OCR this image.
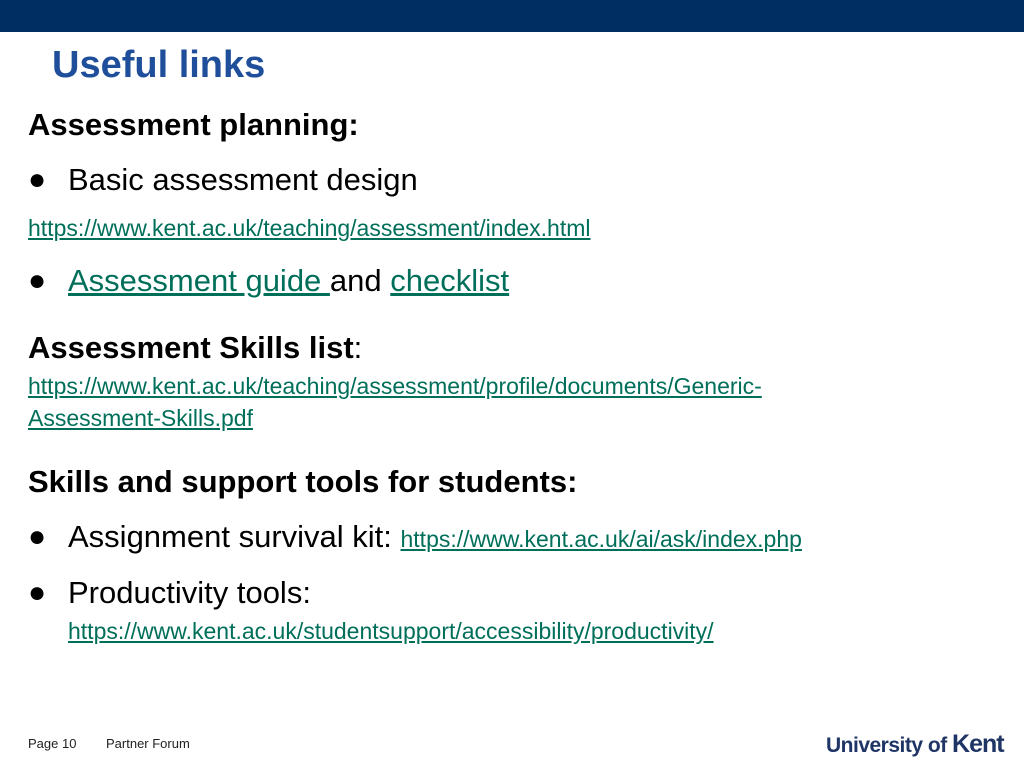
Useful links
Assessment planning:
● Basic assessment design
https://www.kent.ac.uk/teaching/assessment/index.html
● Assessment guide and checklist
Assessment Skills list:
https://www.kent.ac.uk/teaching/assessment/profile/documents/Generic-
Assessment-Skills.pdf
Skills and support tools for students:
● Assignment survival kit: https://www.kent.ac.uk/ai/ask/index.php
● Productivity tools:
https://www.kent.ac.uk/studentsupport/accessibility/productivity/
Page 10 Partner Forum	University of Kent
